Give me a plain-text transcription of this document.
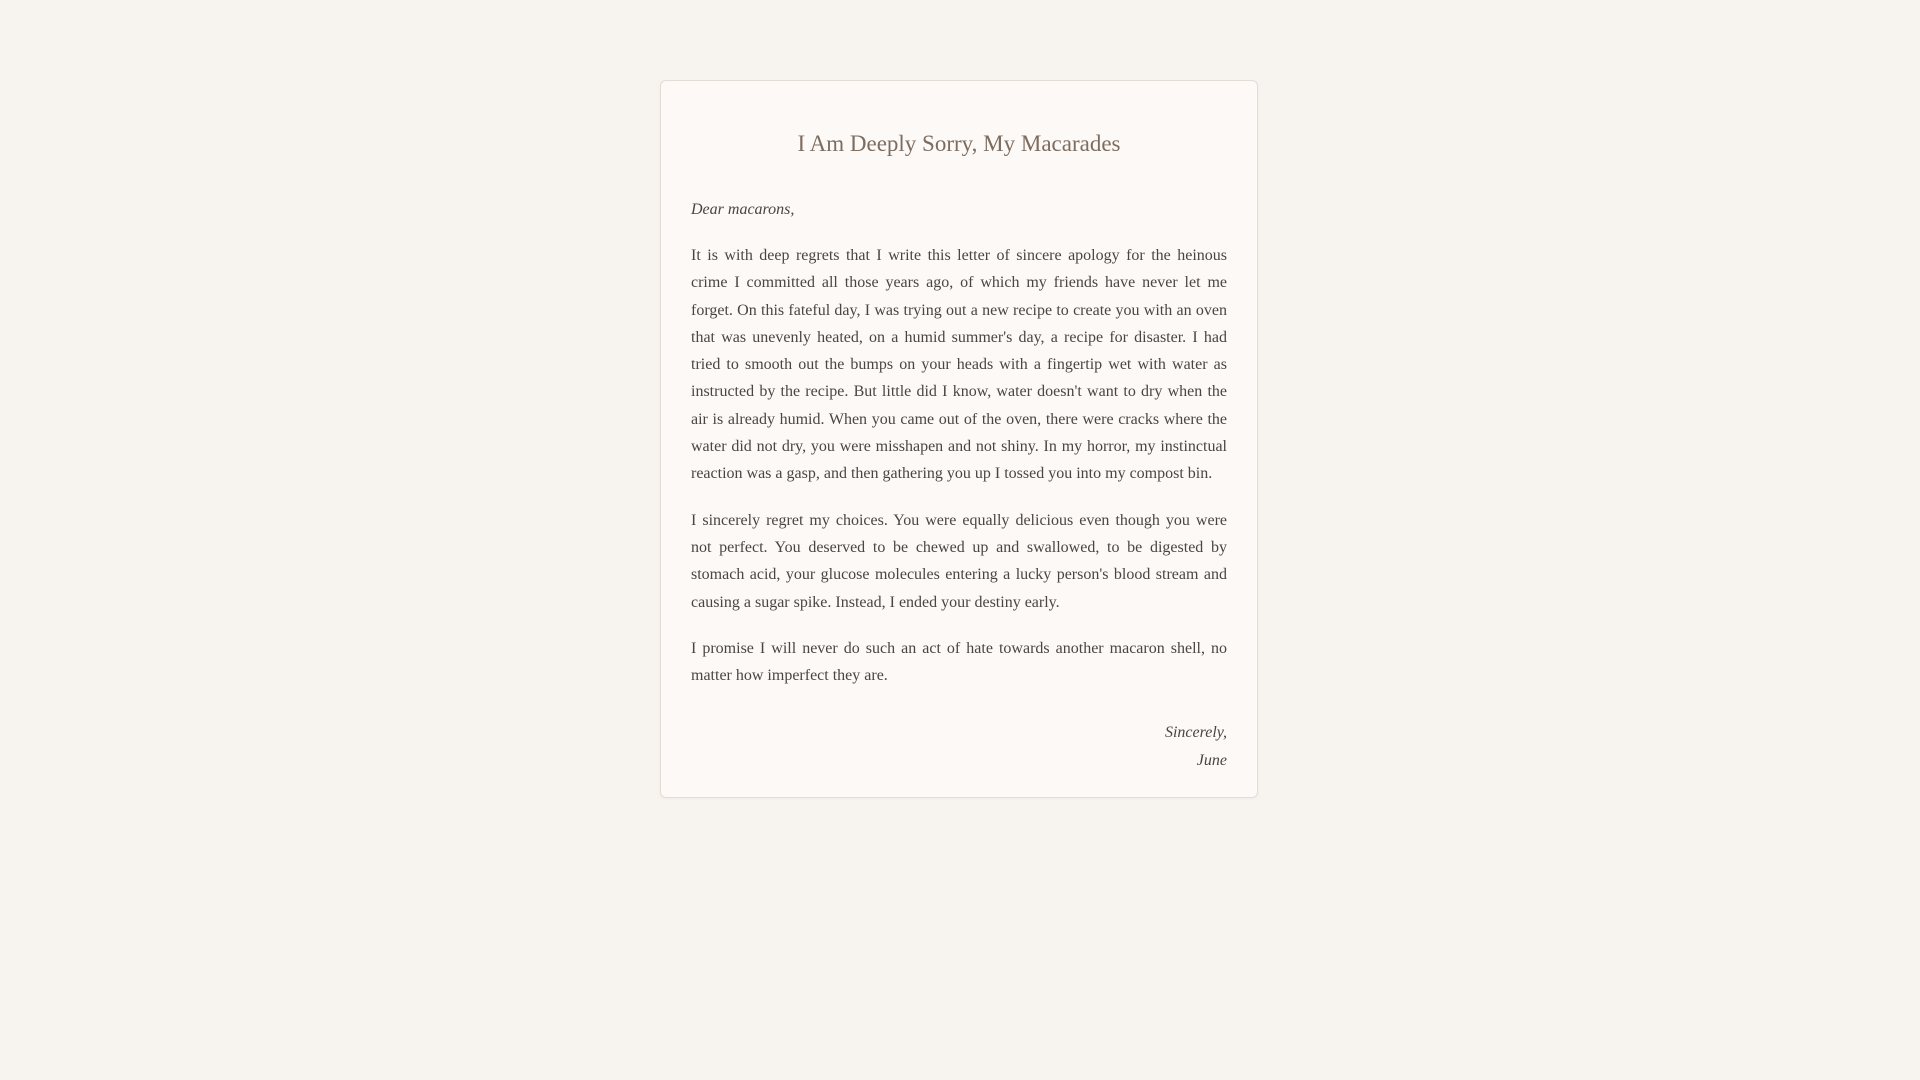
I Am Deeply Sorry, My Macarades

Dear macarons,

It is with deep regrets that I write this letter of sincere apology for the heinous crime I committed all those years ago, of which my friends have never let me forget. On this fateful day, I was trying out a new recipe to create you with an oven that was unevenly heated, on a humid summer's day, a recipe for disaster. I had tried to smooth out the bumps on your heads with a fingertip wet with water as instructed by the recipe. But little did I know, water doesn't want to dry when the air is already humid. When you came out of the oven, there were cracks where the water did not dry, you were misshapen and not shiny. In my horror, my instinctual reaction was a gasp, and then gathering you up I tossed you into my compost bin.

I sincerely regret my choices. You were equally delicious even though you were not perfect. You deserved to be chewed up and swallowed, to be digested by stomach acid, your glucose molecules entering a lucky person's blood stream and causing a sugar spike. Instead, I ended your destiny early.

I promise I will never do such an act of hate towards another macaron shell, no matter how imperfect they are.

Sincerely,
June
